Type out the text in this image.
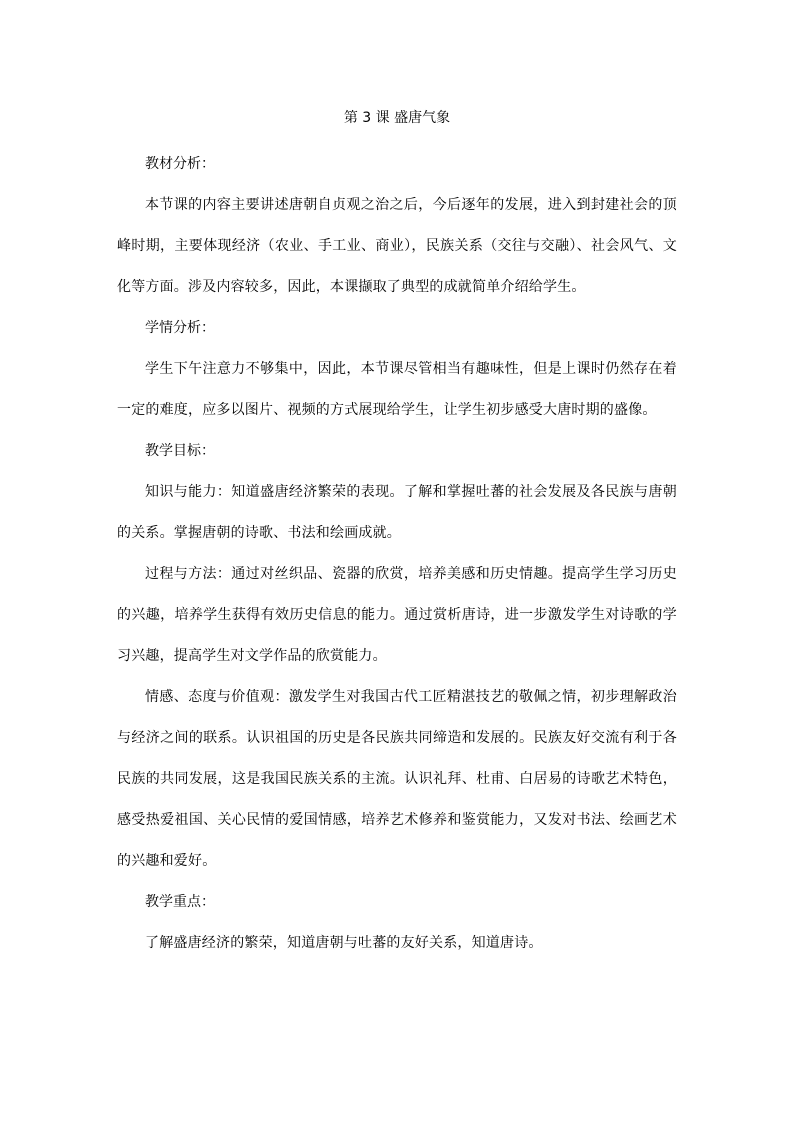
第 3 课 盛唐气象
教材分析：

本节课的内容主要讲述唐朝自贞观之治之后，今后逐年的发展，进入到封建社会的顶峰时期，主要体现经济（农业、手工业、商业），民族关系（交往与交融）、社会风气、文化等方面。涉及内容较多，因此，本课撷取了典型的成就简单介绍给学生。

学情分析：

学生下午注意力不够集中，因此，本节课尽管相当有趣味性，但是上课时仍然存在着一定的难度，应多以图片、视频的方式展现给学生，让学生初步感受大唐时期的盛像。

教学目标：

知识与能力：知道盛唐经济繁荣的表现。了解和掌握吐蕃的社会发展及各民族与唐朝的关系。掌握唐朝的诗歌、书法和绘画成就。

过程与方法：通过对丝织品、瓷器的欣赏，培养美感和历史情趣。提高学生学习历史的兴趣，培养学生获得有效历史信息的能力。通过赏析唐诗，进一步激发学生对诗歌的学习兴趣，提高学生对文学作品的欣赏能力。

情感、态度与价值观：激发学生对我国古代工匠精湛技艺的敬佩之情，初步理解政治与经济之间的联系。认识祖国的历史是各民族共同缔造和发展的。民族友好交流有利于各民族的共同发展，这是我国民族关系的主流。认识礼拜、杜甫、白居易的诗歌艺术特色，感受热爱祖国、关心民情的爱国情感，培养艺术修养和鉴赏能力，又发对书法、绘画艺术的兴趣和爱好。

教学重点：

了解盛唐经济的繁荣，知道唐朝与吐蕃的友好关系，知道唐诗。
